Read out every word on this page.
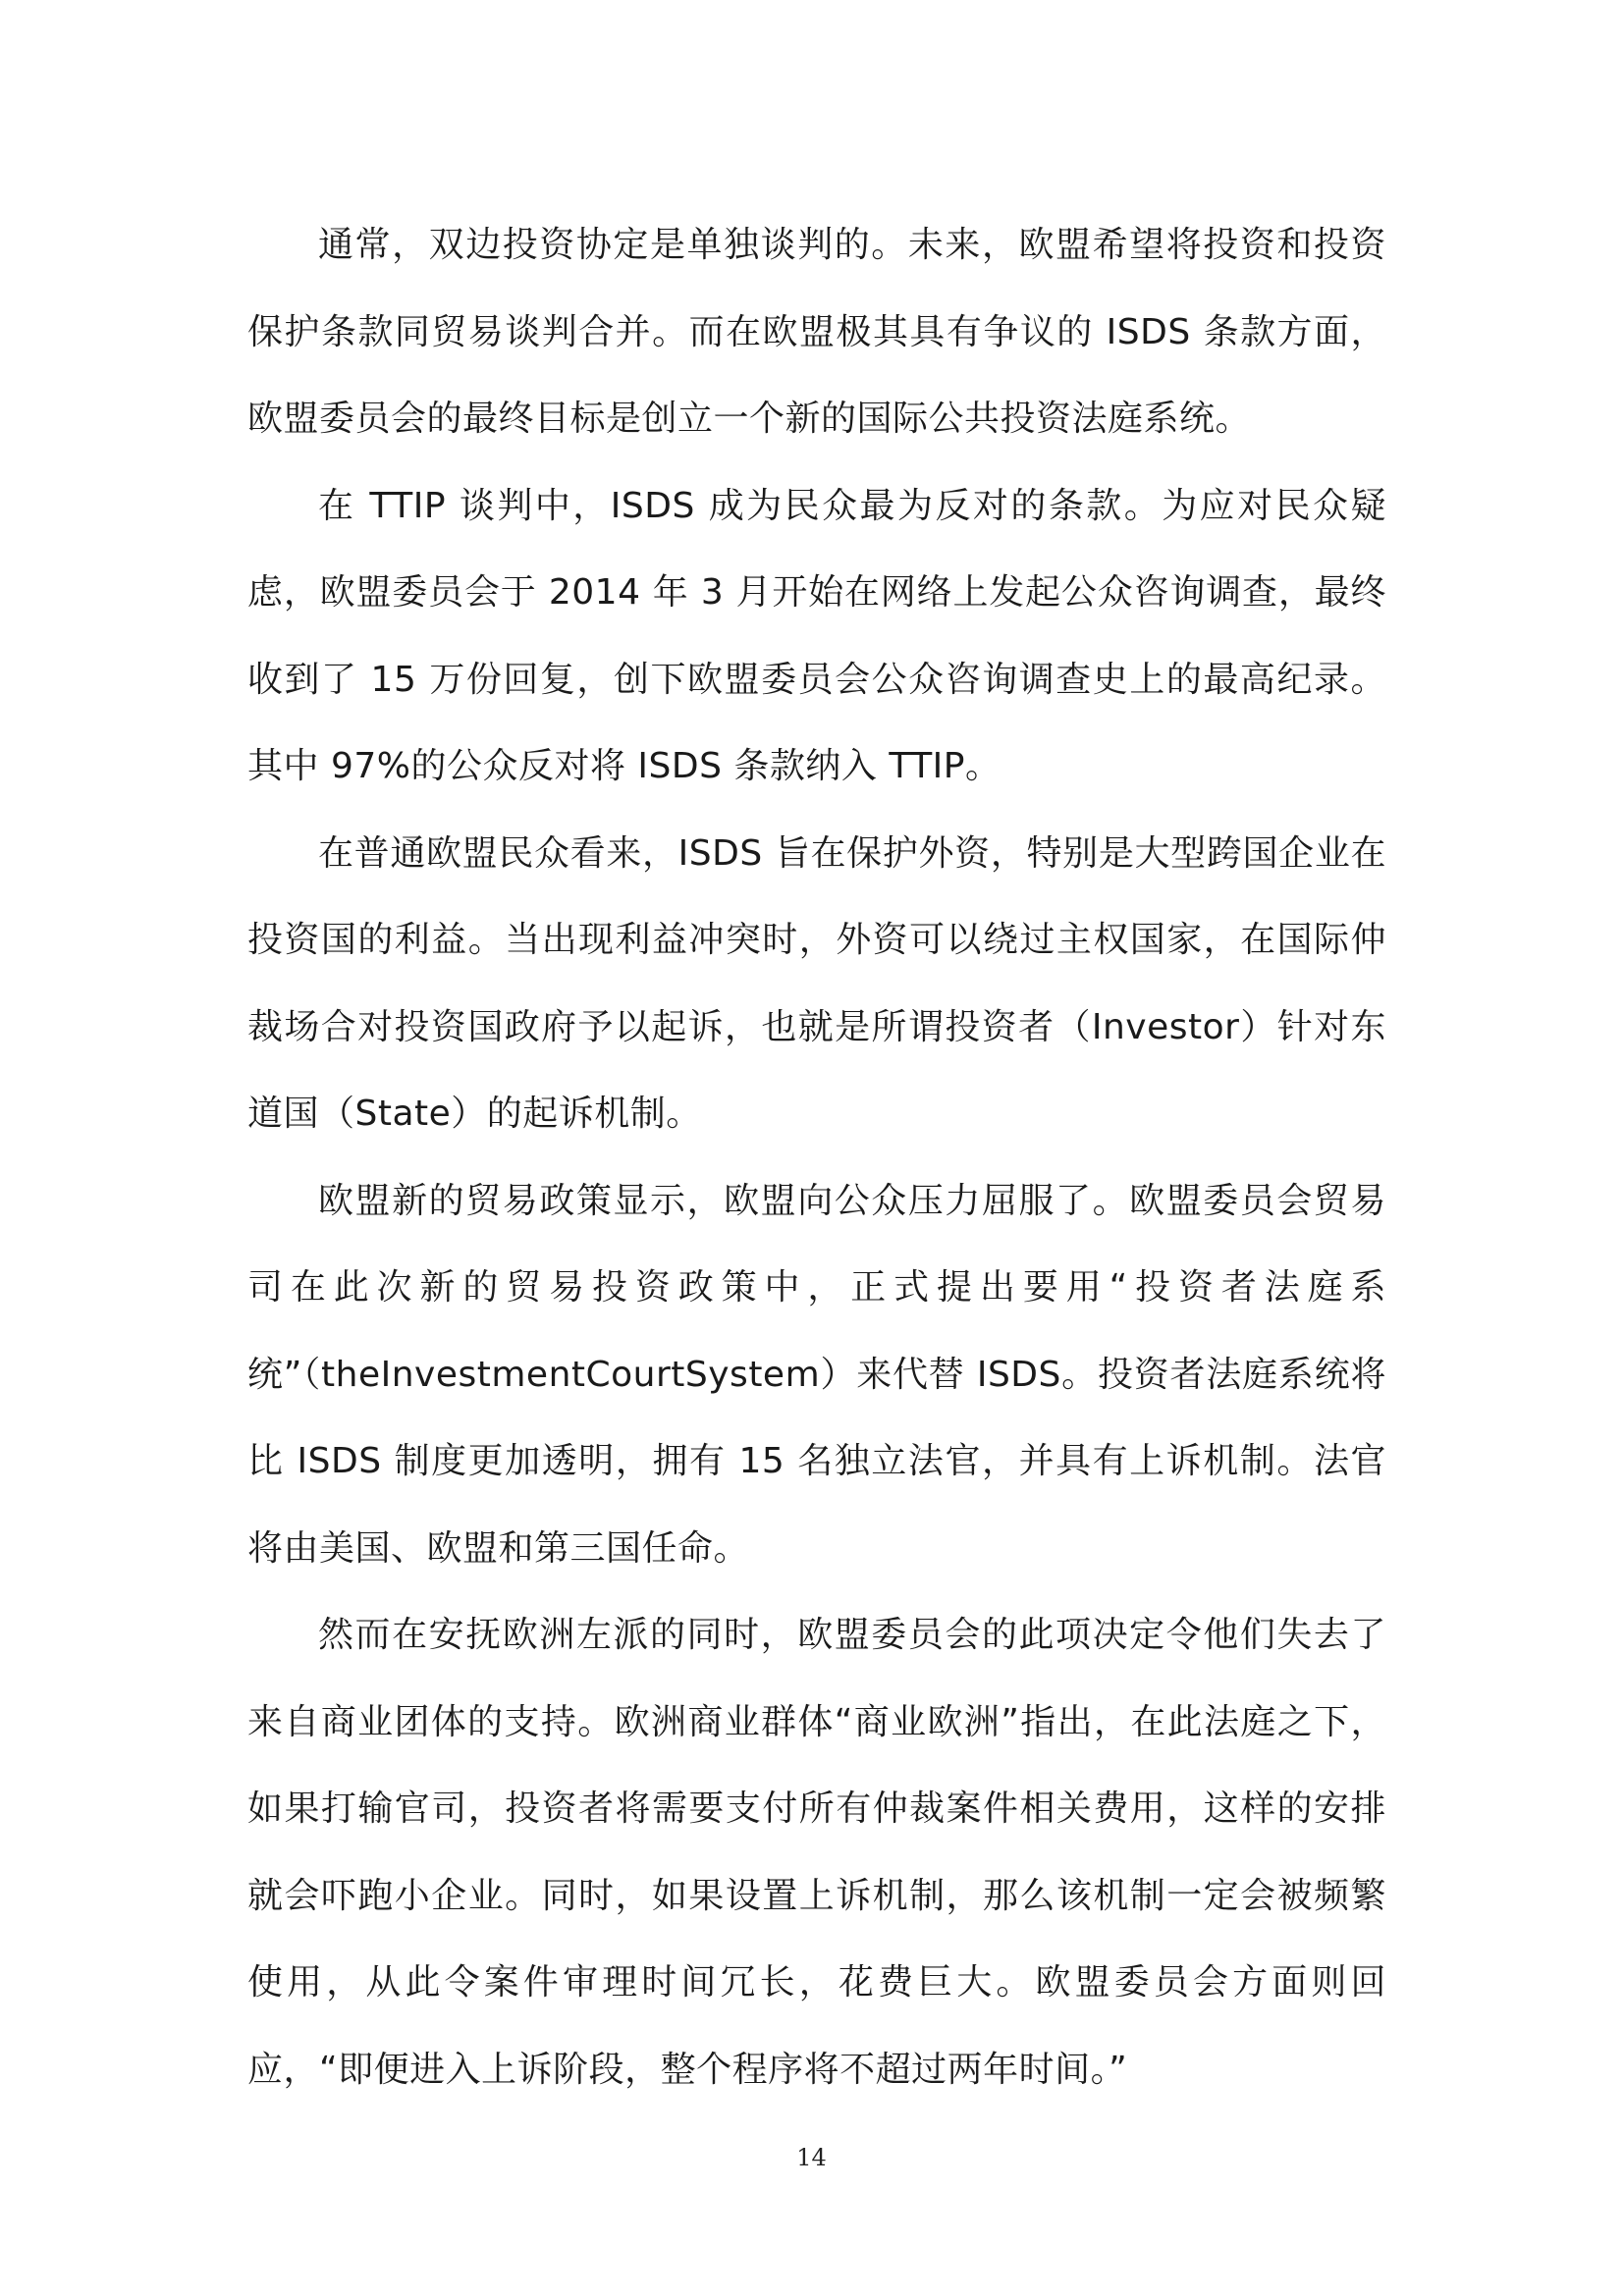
通常，双边投资协定是单独谈判的。未来，欧盟希望将投资和投资保护条款同贸易谈判合并。而在欧盟极其具有争议的 ISDS 条款方面，欧盟委员会的最终目标是创立一个新的国际公共投资法庭系统。

在 TTIP 谈判中，ISDS 成为民众最为反对的条款。为应对民众疑虑，欧盟委员会于 2014 年 3 月开始在网络上发起公众咨询调查，最终收到了 15 万份回复，创下欧盟委员会公众咨询调查史上的最高纪录。其中 97%的公众反对将 ISDS 条款纳入 TTIP。

在普通欧盟民众看来，ISDS 旨在保护外资，特别是大型跨国企业在投资国的利益。当出现利益冲突时，外资可以绕过主权国家，在国际仲裁场合对投资国政府予以起诉，也就是所谓投资者（Investor）针对东道国（State）的起诉机制。

欧盟新的贸易政策显示，欧盟向公众压力屈服了。欧盟委员会贸易司在此次新的贸易投资政策中，正式提出要用“投资者法庭系统”（theInvestmentCourtSystem）来代替 ISDS。投资者法庭系统将比 ISDS 制度更加透明，拥有 15 名独立法官，并具有上诉机制。法官将由美国、欧盟和第三国任命。

然而在安抚欧洲左派的同时，欧盟委员会的此项决定令他们失去了来自商业团体的支持。欧洲商业群体“商业欧洲”指出，在此法庭之下，如果打输官司，投资者将需要支付所有仲裁案件相关费用，这样的安排就会吓跑小企业。同时，如果设置上诉机制，那么该机制一定会被频繁使用，从此令案件审理时间冗长，花费巨大。欧盟委员会方面则回应，“即便进入上诉阶段，整个程序将不超过两年时间。”

14
